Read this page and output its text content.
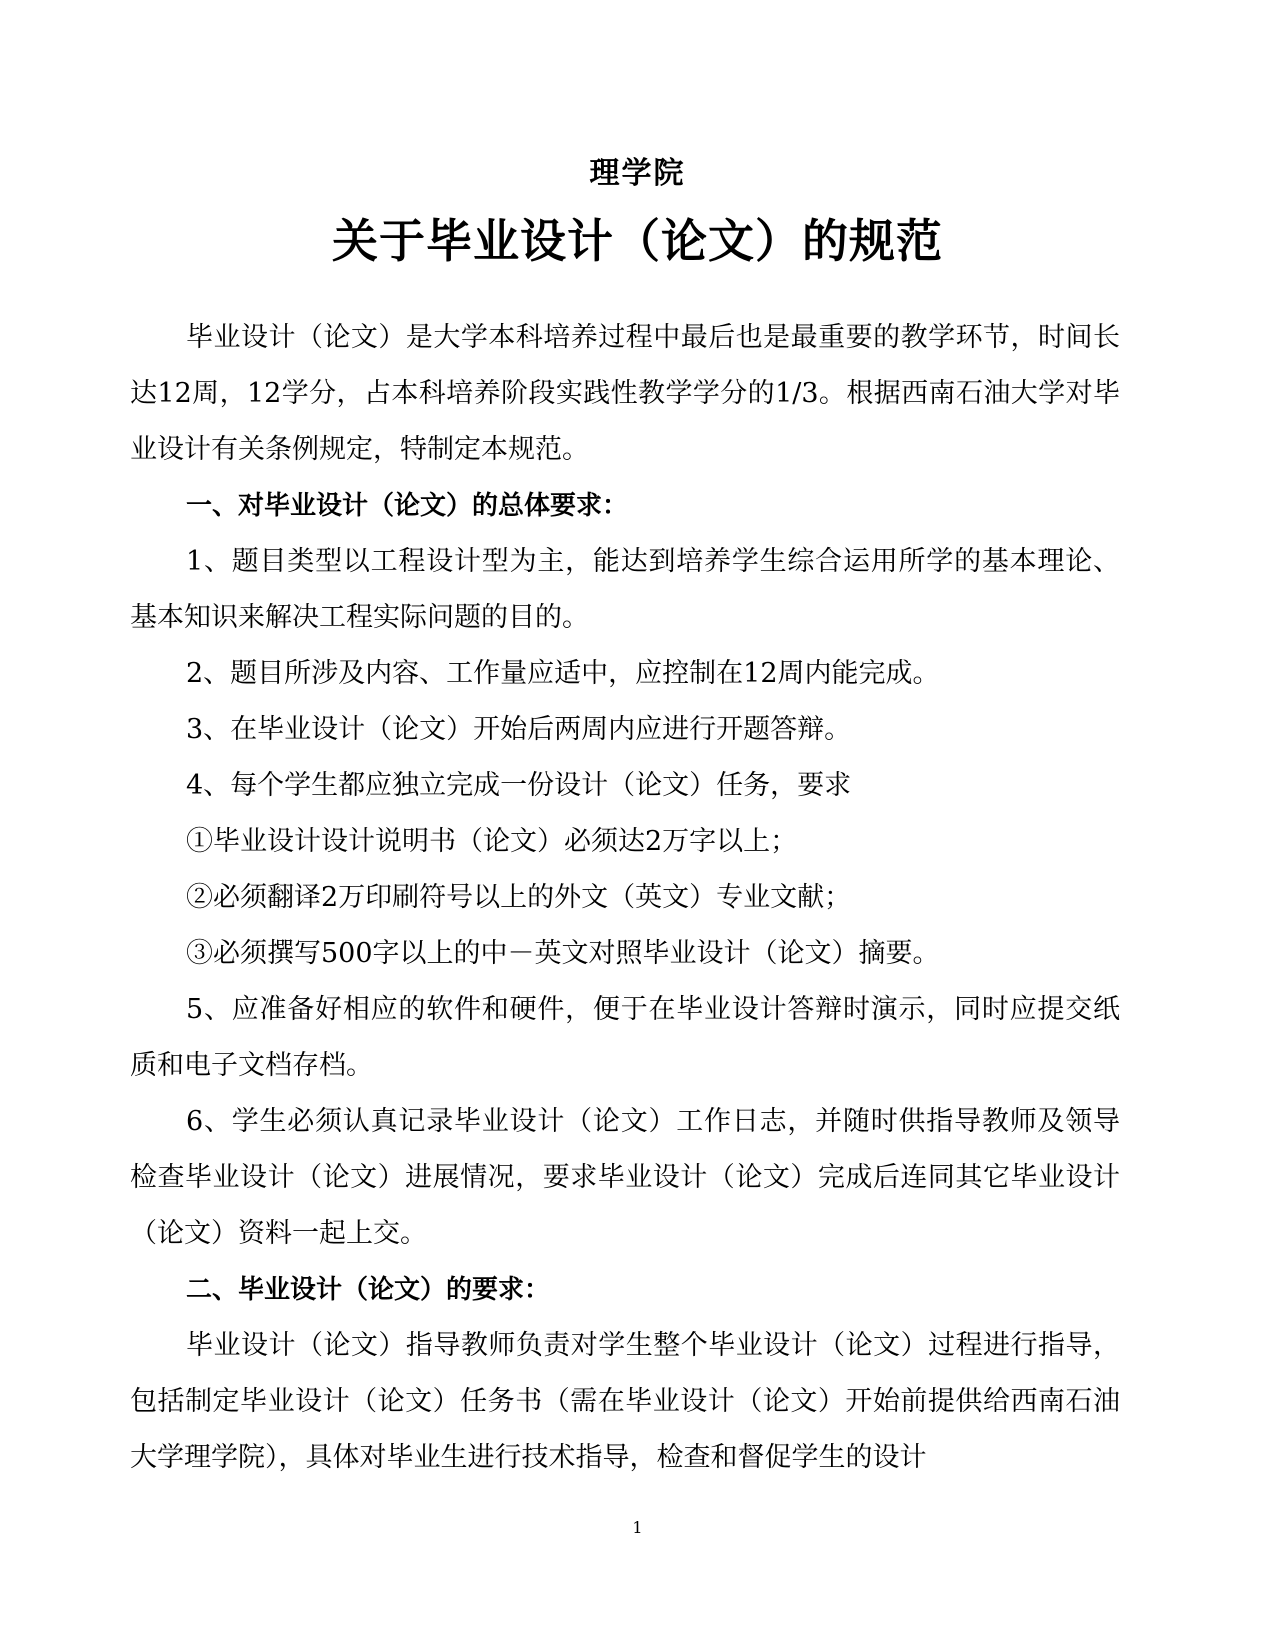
理学院
关于毕业设计（论文）的规范

毕业设计（论文）是大学本科培养过程中最后也是最重要的教学环节，时间长达12周，12学分，占本科培养阶段实践性教学学分的1/3。根据西南石油大学对毕业设计有关条例规定，特制定本规范。

一、对毕业设计（论文）的总体要求：

1、题目类型以工程设计型为主，能达到培养学生综合运用所学的基本理论、基本知识来解决工程实际问题的目的。

2、题目所涉及内容、工作量应适中，应控制在12周内能完成。

3、在毕业设计（论文）开始后两周内应进行开题答辩。

4、每个学生都应独立完成一份设计（论文）任务，要求

①毕业设计设计说明书（论文）必须达2万字以上；

②必须翻译2万印刷符号以上的外文（英文）专业文献；

③必须撰写500字以上的中－英文对照毕业设计（论文）摘要。

5、应准备好相应的软件和硬件，便于在毕业设计答辩时演示，同时应提交纸质和电子文档存档。

6、学生必须认真记录毕业设计（论文）工作日志，并随时供指导教师及领导检查毕业设计（论文）进展情况，要求毕业设计（论文）完成后连同其它毕业设计（论文）资料一起上交。

二、毕业设计（论文）的要求：

毕业设计（论文）指导教师负责对学生整个毕业设计（论文）过程进行指导，包括制定毕业设计（论文）任务书（需在毕业设计（论文）开始前提供给西南石油大学理学院），具体对毕业生进行技术指导，检查和督促学生的设计

1
